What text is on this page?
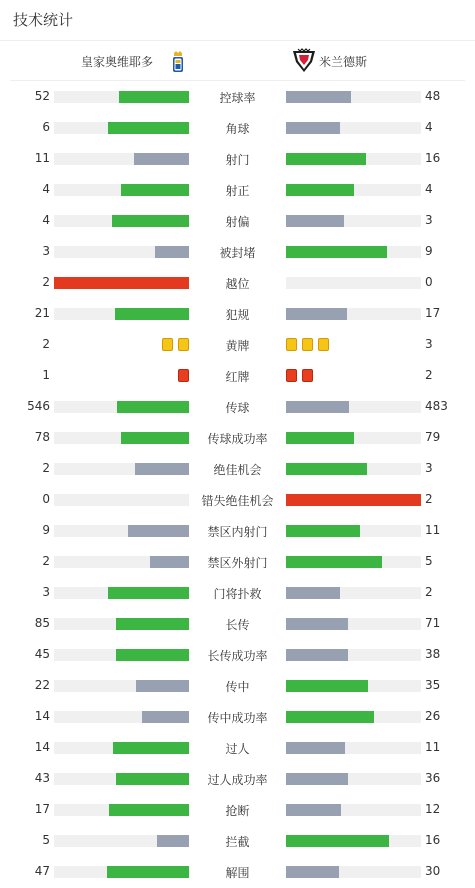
技术统计
皇家奥维耶多	米兰德斯
52	控球率	48
6	角球	4
11	射门	16
4	射正	4
4	射偏	3
3	被封堵	9
2	越位	0
21	犯规	17
2	黄牌	3
1	红牌	2
546	传球	483
78	传球成功率	79
2	绝佳机会	3
0	错失绝佳机会	2
9	禁区内射门	11
2	禁区外射门	5
3	门将扑救	2
85	长传	71
45	长传成功率	38
22	传中	35
14	传中成功率	26
14	过人	11
43	过人成功率	36
17	抢断	12
5	拦截	16
47	解围	30
